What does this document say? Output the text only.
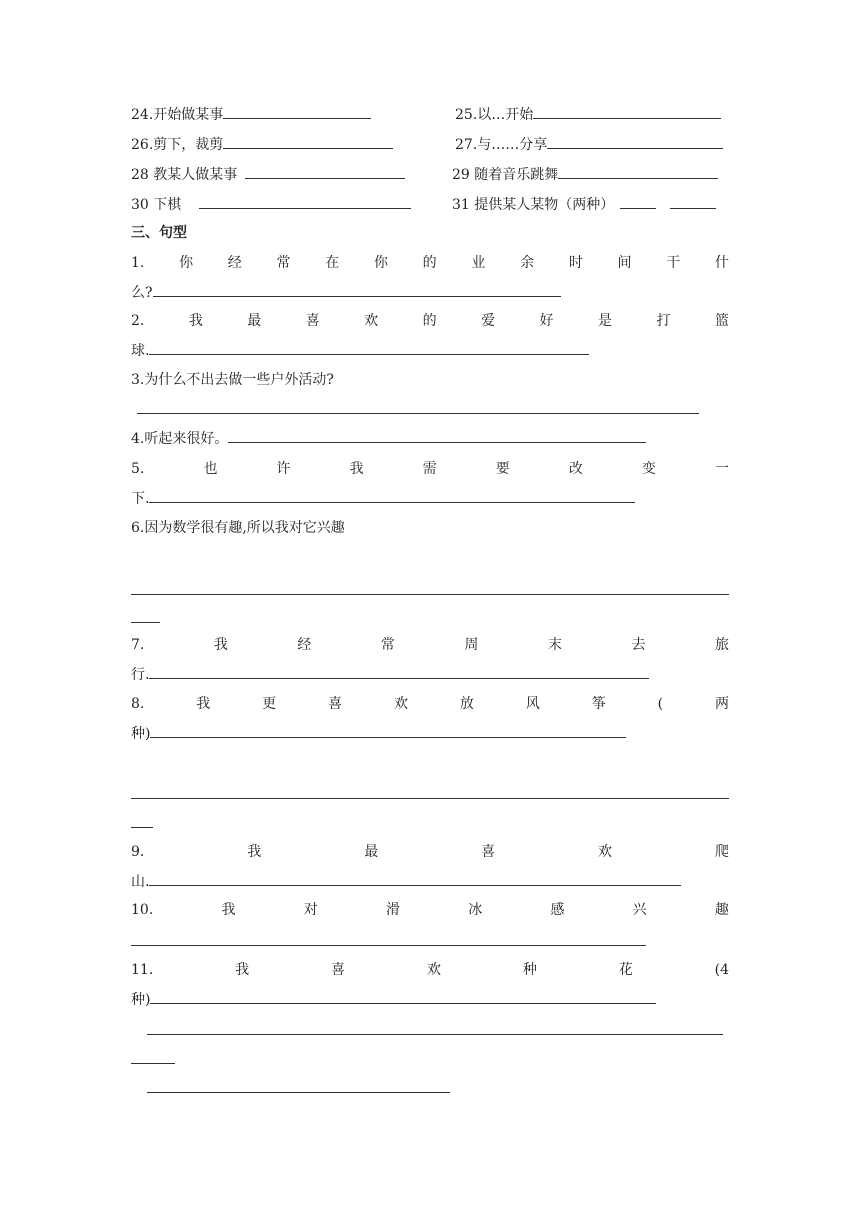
24.开始做某事	25.以…开始
26.剪下，裁剪	27.与……分享
28 教某人做某事	29 随着音乐跳舞
30 下棋	31 提供某人某物（两种）
三、句型
1. 你 经 常 在 你 的 业 余 时 间 干 什
么?
2.	我	最	喜	欢	的	爱	好	是	打	篮
球.
3.为什么不出去做一些户外活动?
4.听起来很好。
5.	也	许	我	需	要	改	变	一
下.
6.因为数学很有趣,所以我对它兴趣
7.	我	经	常	周	末	去	旅
行.
8.	我	更	喜	欢	放	风	筝	(	两
种)
9.	我	最	喜	欢	爬
山.
10.	我	对	滑	冰	感	兴	趣
11.	我	喜	欢	种	花	(4
种)
